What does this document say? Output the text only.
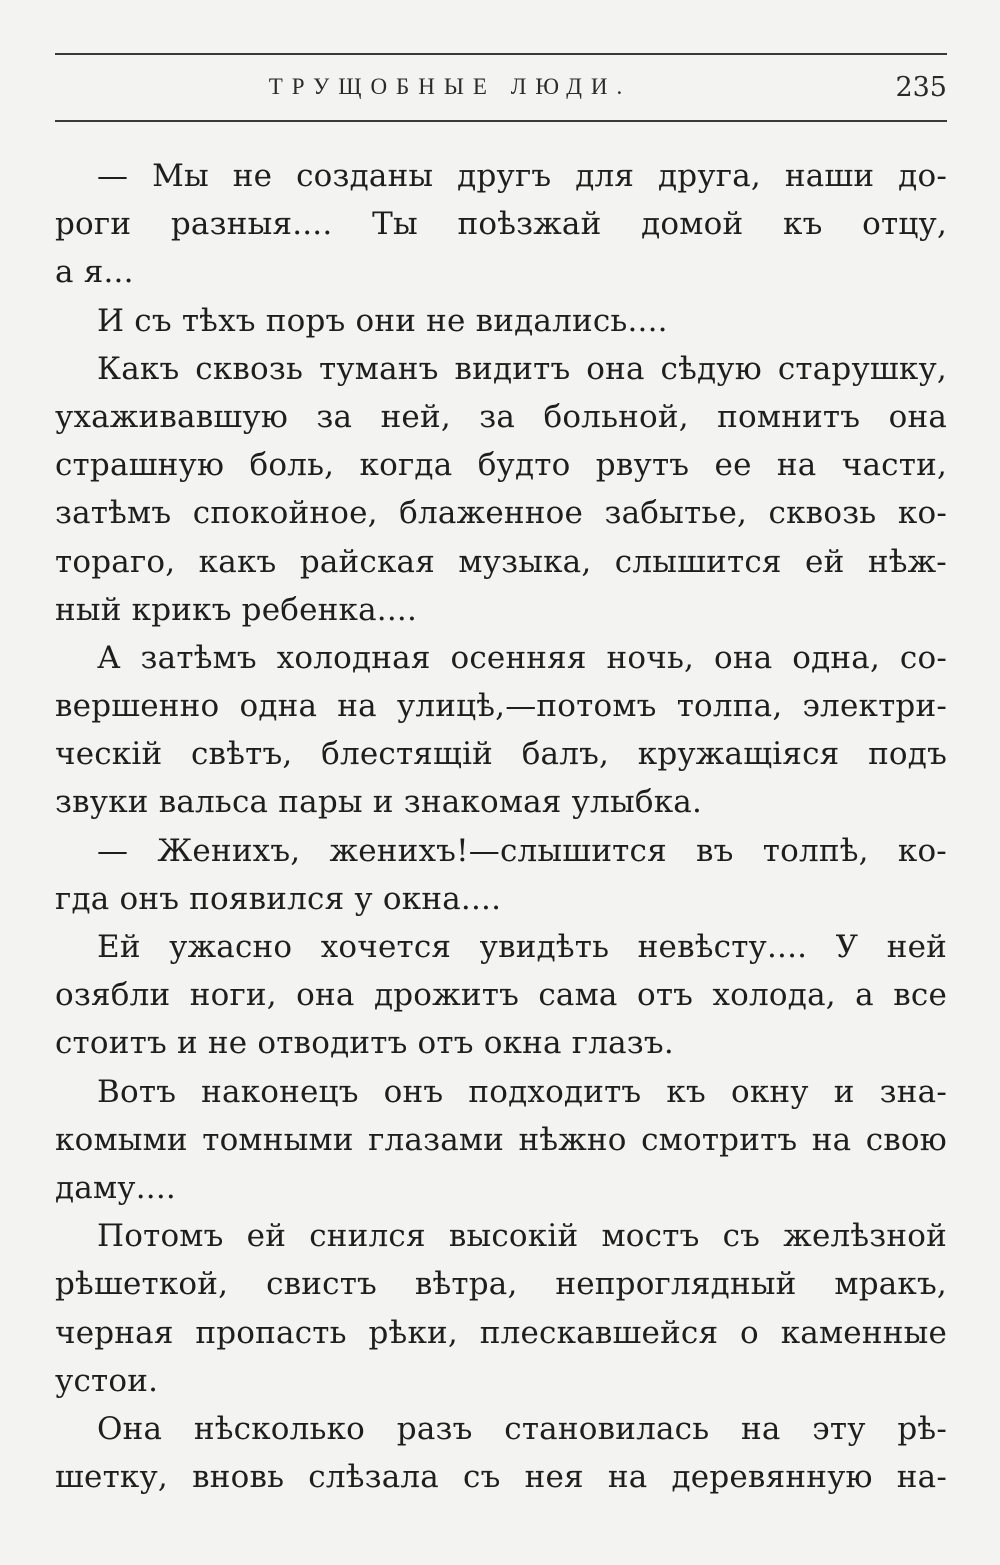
ТРУЩОБНЫЕ ЛЮДИ.	235
— Мы не созданы другъ для друга, наши до-
роги разныя.... Ты поѣзжай домой къ отцу,
а я...
И съ тѣхъ поръ они не видались....
Какъ сквозь туманъ видитъ она сѣдую старушку,
ухаживавшую за ней, за больной, помнитъ она
страшную боль, когда будто рвутъ ее на части,
затѣмъ спокойное, блаженное забытье, сквозь ко-
тораго, какъ райская музыка, слышится ей нѣж-
ный крикъ ребенка....
А затѣмъ холодная осенняя ночь, она одна, со-
вершенно одна на улицѣ,—потомъ толпа, электри-
ческій свѣтъ, блестящій балъ, кружащіяся подъ
звуки вальса пары и знакомая улыбка.
— Женихъ, женихъ!—слышится въ толпѣ, ко-
гда онъ появился у окна....
Ей ужасно хочется увидѣть невѣсту.... У ней
озябли ноги, она дрожитъ сама отъ холода, а все
стоитъ и не отводитъ отъ окна глазъ.
Вотъ наконецъ онъ подходитъ къ окну и зна-
комыми томными глазами нѣжно смотритъ на свою
даму....
Потомъ ей снился высокій мостъ съ желѣзной
рѣшеткой, свистъ вѣтра, непроглядный мракъ,
черная пропасть рѣки, плескавшейся о каменные
устои.
Она нѣсколько разъ становилась на эту рѣ-
шетку, вновь слѣзала съ нея на деревянную на-
